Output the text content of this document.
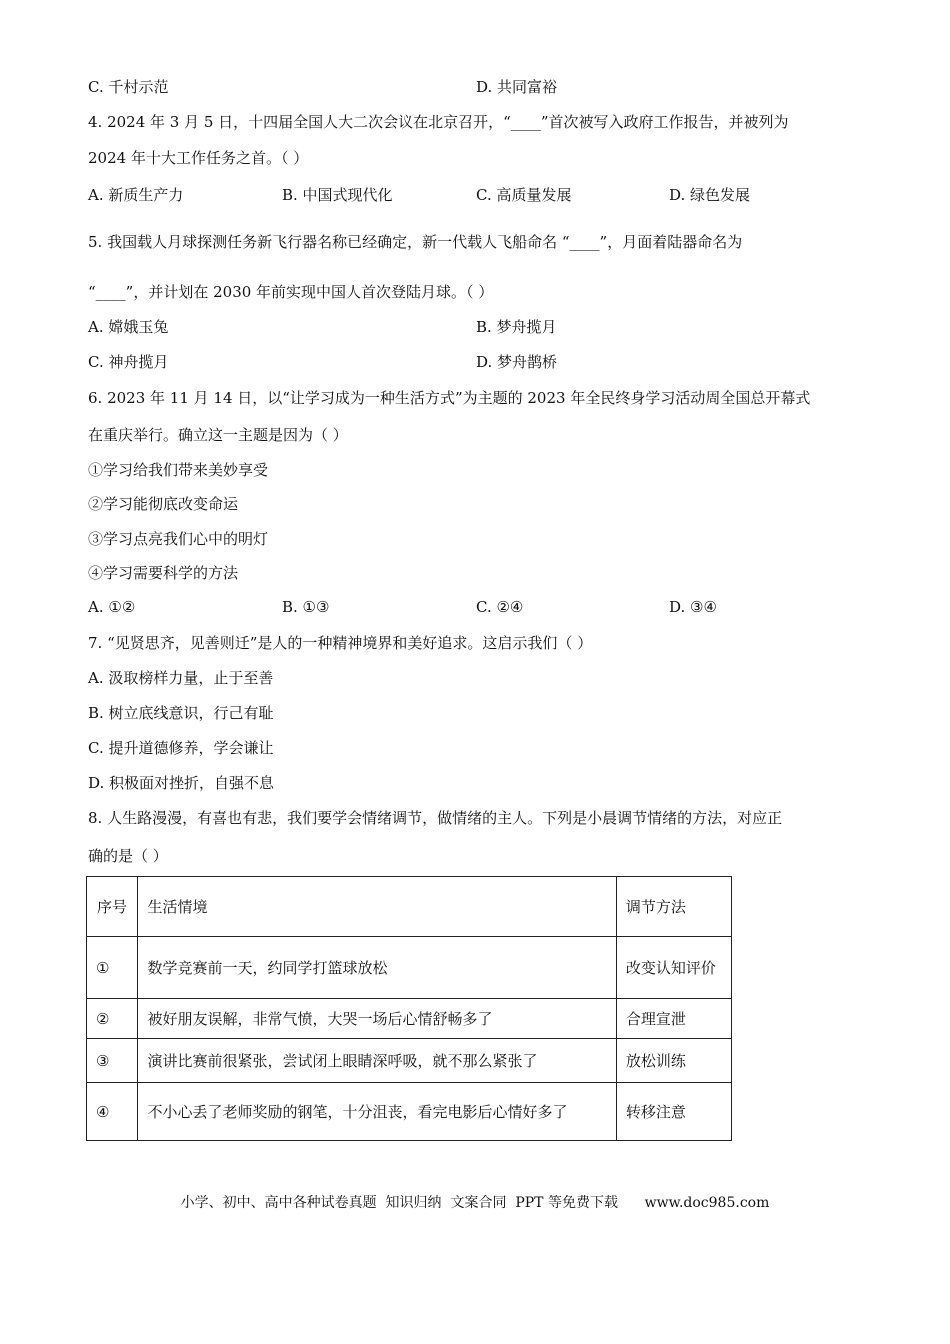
C. 千村示范	D. 共同富裕
4. 2024 年 3 月 5 日，十四届全国人大二次会议在北京召开，“____”首次被写入政府工作报告，并被列为
2024 年十大工作任务之首。（ ）
A. 新质生产力	B. 中国式现代化	C. 高质量发展	D. 绿色发展
5. 我国载人月球探测任务新飞行器名称已经确定，新一代载人飞船命名 “____”，月面着陆器命名为
“____”，并计划在 2030 年前实现中国人首次登陆月球。（ ）
A. 嫦娥玉兔	B. 梦舟揽月
C. 神舟揽月	D. 梦舟鹊桥
6. 2023 年 11 月 14 日，以“让学习成为一种生活方式”为主题的 2023 年全民终身学习活动周全国总开幕式
在重庆举行。确立这一主题是因为（ ）
①学习给我们带来美妙享受
②学习能彻底改变命运
③学习点亮我们心中的明灯
④学习需要科学的方法
A. ①②	B. ①③	C. ②④	D. ③④
7. “见贤思齐，见善则迁”是人的一种精神境界和美好追求。这启示我们（ ）
A. 汲取榜样力量，止于至善
B. 树立底线意识，行己有耻
C. 提升道德修养，学会谦让
D. 积极面对挫折，自强不息
8. 人生路漫漫，有喜也有悲，我们要学会情绪调节，做情绪的主人。下列是小晨调节情绪的方法，对应正
确的是（ ）
序号	生活情境	调节方法
①	数学竞赛前一天，约同学打篮球放松	改变认知评价
②	被好朋友误解，非常气愤，大哭一场后心情舒畅多了	合理宣泄
③	演讲比赛前很紧张，尝试闭上眼睛深呼吸，就不那么紧张了	放松训练
④	不小心丢了老师奖励的钢笔，十分沮丧，看完电影后心情好多了	转移注意
小学、初中、高中各种试卷真题  知识归纳  文案合同  PPT 等免费下载 www.doc985.com
